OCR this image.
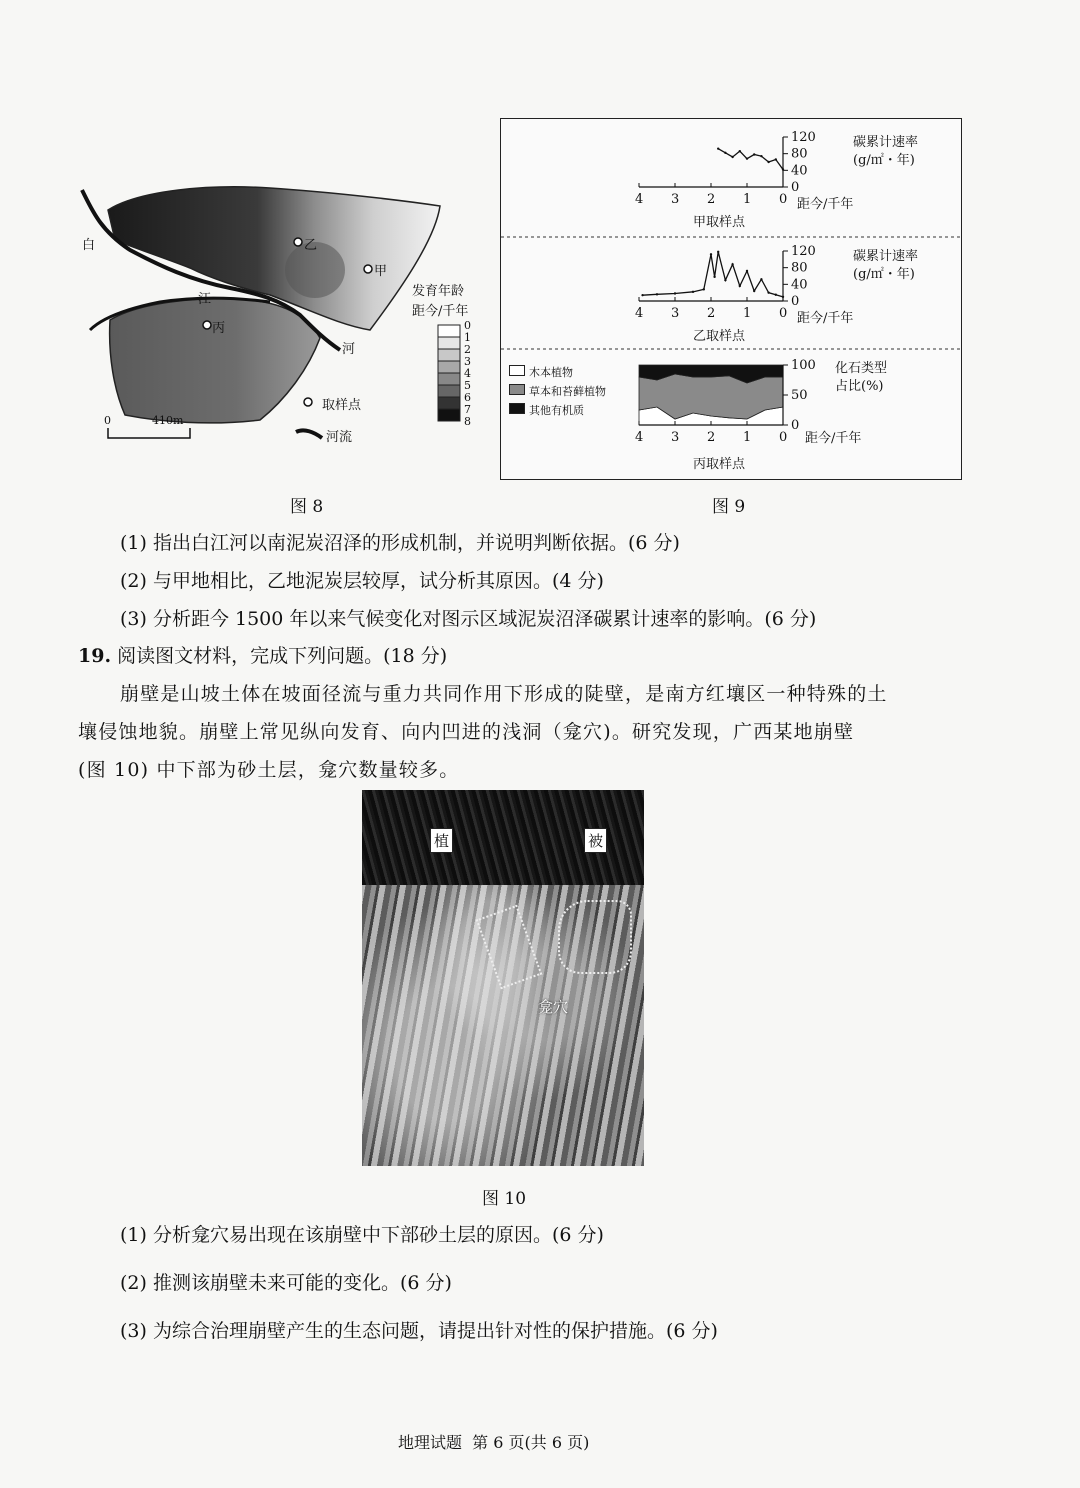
白
江
河
乙
甲
丙
发育年龄
距今/千年
0
1
2
3
4
5
6
7
8
取样点
河流
0	410m
图 8
120
80
40
0
4 3 2 1 0
120
80
40
0
4 3 2 1 0
100
50
0
4 3 2 1 0
碳累计速率
(g/㎡・年)
距今/千年
甲取样点
碳累计速率
(g/㎡・年)
距今/千年
乙取样点
化石类型
占比(%)
距今/千年
丙取样点
木本植物
草本和苔藓植物
其他有机质
图 9
(1) 指出白江河以南泥炭沼泽的形成机制，并说明判断依据。(6 分)
(2) 与甲地相比，乙地泥炭层较厚，试分析其原因。(4 分)
(3) 分析距今 1500 年以来气候变化对图示区域泥炭沼泽碳累计速率的影响。(6 分)
19. 阅读图文材料，完成下列问题。(18 分)
崩壁是山坡土体在坡面径流与重力共同作用下形成的陡壁，是南方红壤区一种特殊的土
壤侵蚀地貌。崩壁上常见纵向发育、向内凹进的浅洞（龛穴)。研究发现，广西某地崩壁
(图 10) 中下部为砂土层，龛穴数量较多。
植	被
龛穴
图 10
(1) 分析龛穴易出现在该崩壁中下部砂土层的原因。(6 分)
(2) 推测该崩壁未来可能的变化。(6 分)
(3) 为综合治理崩壁产生的生态问题，请提出针对性的保护措施。(6 分)
地理试题  第 6 页(共 6 页)
